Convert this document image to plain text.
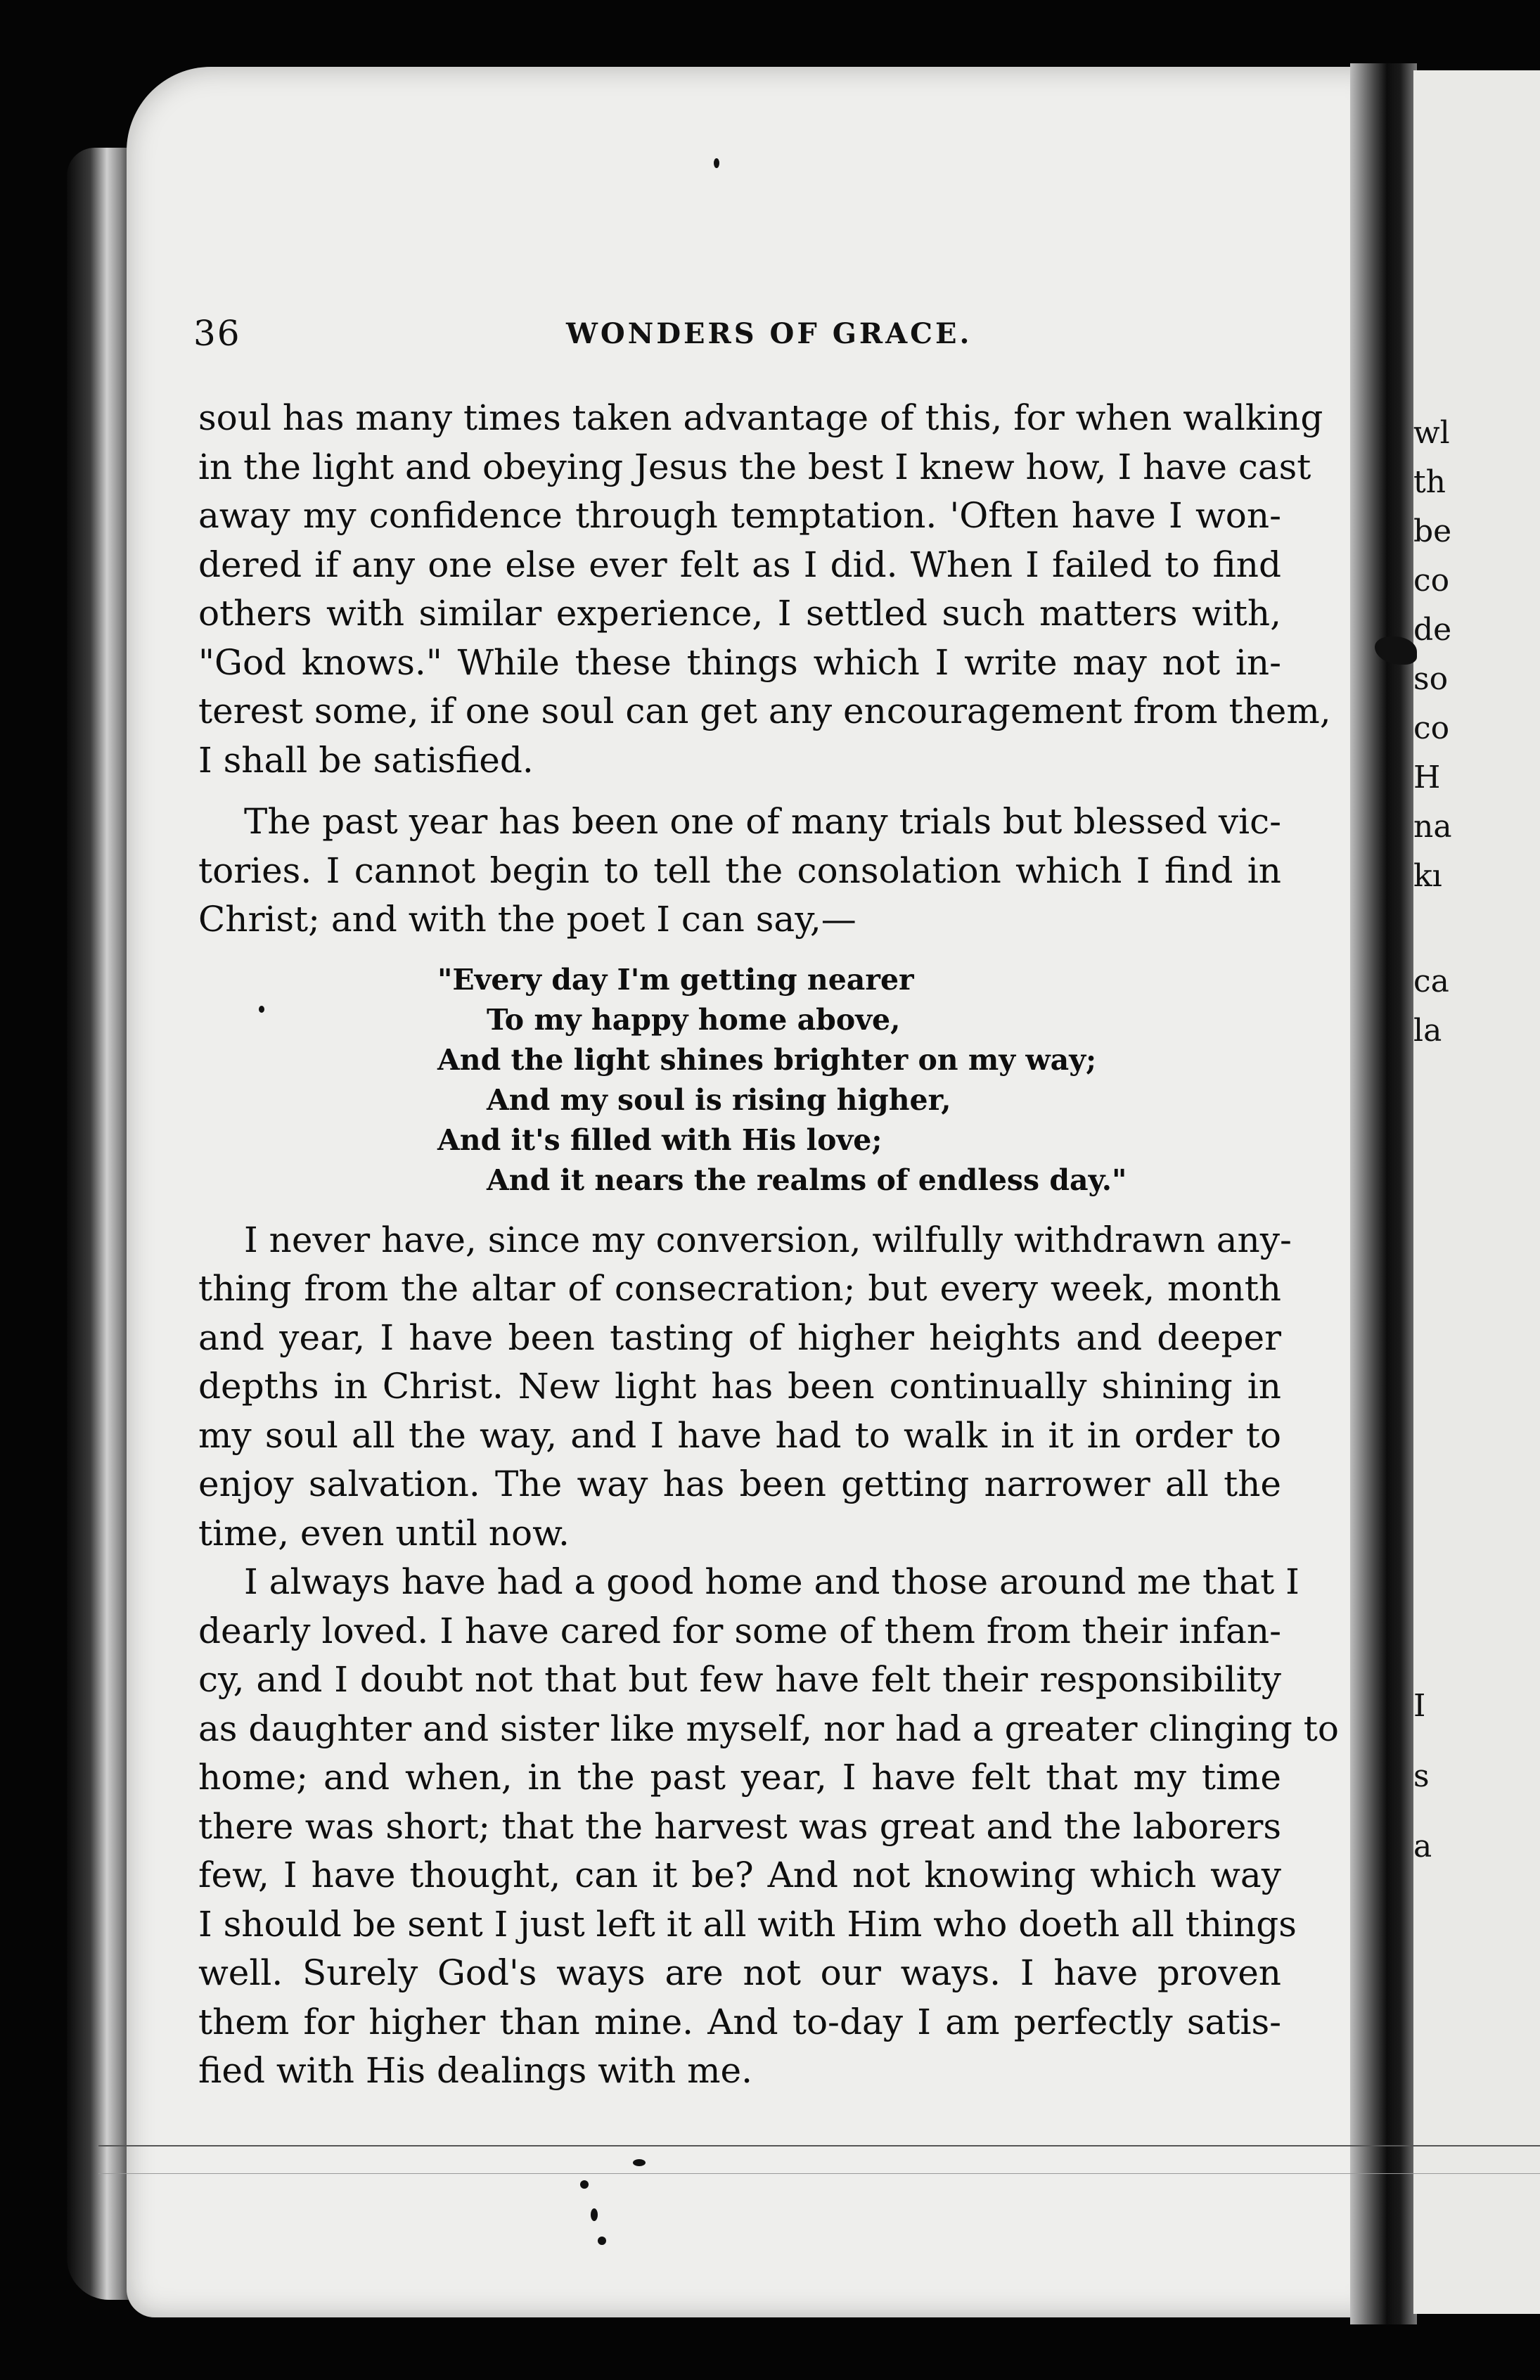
wl
th
be
co
de
so
co
H
na
kı
ca
la
I
s
a
36	WONDERS OF GRACE.

soul has many times taken advantage of this, for when walking
in the light and obeying Jesus the best I knew how, I have cast
away my confidence through temptation. 'Often have I won-
dered if any one else ever felt as I did. When I failed to find
others with similar experience, I settled such matters with,
"God knows." While these things which I write may not in-
terest some, if one soul can get any encouragement from them,
I shall be satisfied.

The past year has been one of many trials but blessed vic-
tories. I cannot begin to tell the consolation which I find in
Christ; and with the poet I can say,—

"Every day I'm getting nearer
To my happy home above,
And the light shines brighter on my way;
And my soul is rising higher,
And it's filled with His love;
And it nears the realms of endless day."

I never have, since my conversion, wilfully withdrawn any-
thing from the altar of consecration; but every week, month
and year, I have been tasting of higher heights and deeper
depths in Christ. New light has been continually shining in
my soul all the way, and I have had to walk in it in order to
enjoy salvation. The way has been getting narrower all the
time, even until now.

I always have had a good home and those around me that I
dearly loved. I have cared for some of them from their infan-
cy, and I doubt not that but few have felt their responsibility
as daughter and sister like myself, nor had a greater clinging to
home; and when, in the past year, I have felt that my time
there was short; that the harvest was great and the laborers
few, I have thought, can it be? And not knowing which way
I should be sent I just left it all with Him who doeth all things
well. Surely God's ways are not our ways. I have proven
them for higher than mine. And to-day I am perfectly satis-
fied with His dealings with me.
